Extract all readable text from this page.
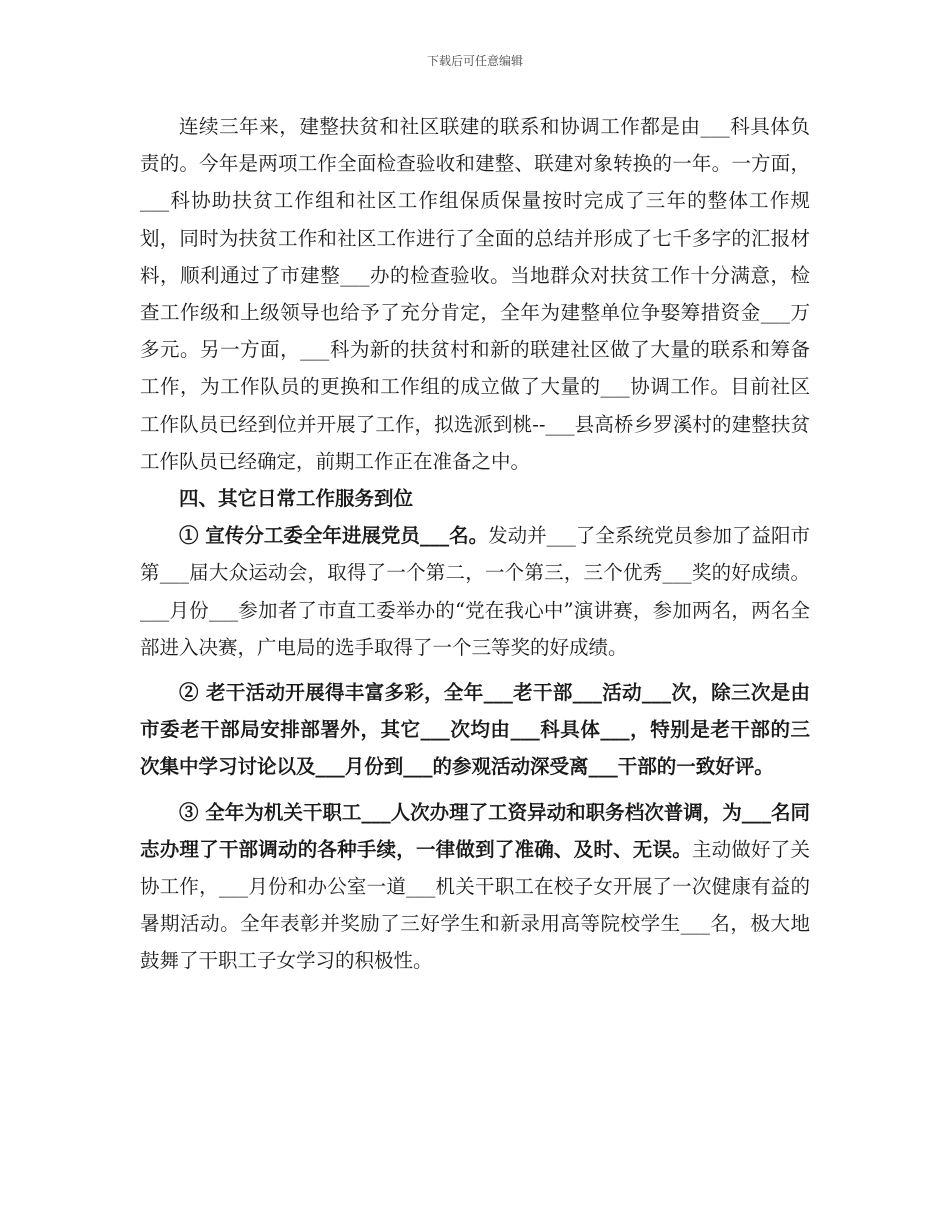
下载后可任意编辑

连续三年来，建整扶贫和社区联建的联系和协调工作都是由___科具体负责的。今年是两项工作全面检查验收和建整、联建对象转换的一年。一方面，___科协助扶贫工作组和社区工作组保质保量按时完成了三年的整体工作规划，同时为扶贫工作和社区工作进行了全面的总结并形成了七千多字的汇报材料，顺利通过了市建整___办的检查验收。当地群众对扶贫工作十分满意，检查工作级和上级领导也给予了充分肯定，全年为建整单位争娶筹措资金___万多元。另一方面，___科为新的扶贫村和新的联建社区做了大量的联系和筹备工作，为工作队员的更换和工作组的成立做了大量的___协调工作。目前社区工作队员已经到位并开展了工作，拟选派到桃--___县高桥乡罗溪村的建整扶贫工作队员已经确定，前期工作正在准备之中。

四、其它日常工作服务到位

① 宣传分工委全年进展党员___名。发动并___了全系统党员参加了益阳市第___届大众运动会，取得了一个第二，一个第三，三个优秀___奖的好成绩。___月份___参加者了市直工委举办的“党在我心中”演讲赛，参加两名，两名全部进入决赛，广电局的选手取得了一个三等奖的好成绩。

② 老干活动开展得丰富多彩，全年___老干部___活动___次，除三次是由市委老干部局安排部署外，其它___次均由___科具体___，特别是老干部的三次集中学习讨论以及___月份到___的参观活动深受离___干部的一致好评。

③ 全年为机关干职工___人次办理了工资异动和职务档次普调，为___名同志办理了干部调动的各种手续，一律做到了准确、及时、无误。主动做好了关协工作，___月份和办公室一道___机关干职工在校子女开展了一次健康有益的暑期活动。全年表彰并奖励了三好学生和新录用高等院校学生___名，极大地鼓舞了干职工子女学习的积极性。
